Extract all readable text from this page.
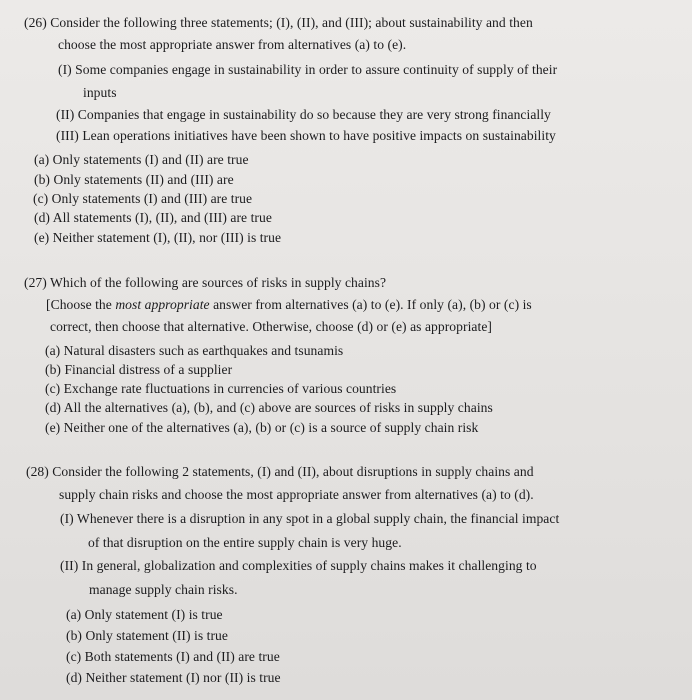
(26) Consider the following three statements; (I), (II), and (III); about sustainability and then
choose the most appropriate answer from alternatives (a) to (e).
(I) Some companies engage in sustainability in order to assure continuity of supply of their
inputs
(II) Companies that engage in sustainability do so because they are very strong financially
(III) Lean operations initiatives have been shown to have positive impacts on sustainability
(a) Only statements (I) and (II) are true
(b) Only statements (II) and (III) are
(c) Only statements (I) and (III) are true
(d) All statements (I), (II), and (III) are true
(e) Neither statement (I), (II), nor (III) is true
(27) Which of the following are sources of risks in supply chains?
[Choose the most appropriate answer from alternatives (a) to (e). If only (a), (b) or (c) is
correct, then choose that alternative. Otherwise, choose (d) or (e) as appropriate]
(a) Natural disasters such as earthquakes and tsunamis
(b) Financial distress of a supplier
(c) Exchange rate fluctuations in currencies of various countries
(d) All the alternatives (a), (b), and (c) above are sources of risks in supply chains
(e) Neither one of the alternatives (a), (b) or (c) is a source of supply chain risk
(28) Consider the following 2 statements, (I) and (II), about disruptions in supply chains and
supply chain risks and choose the most appropriate answer from alternatives (a) to (d).
(I) Whenever there is a disruption in any spot in a global supply chain, the financial impact
of that disruption on the entire supply chain is very huge.
(II) In general, globalization and complexities of supply chains makes it challenging to
manage supply chain risks.
(a) Only statement (I) is true
(b) Only statement (II) is true
(c) Both statements (I) and (II) are true
(d) Neither statement (I) nor (II) is true
